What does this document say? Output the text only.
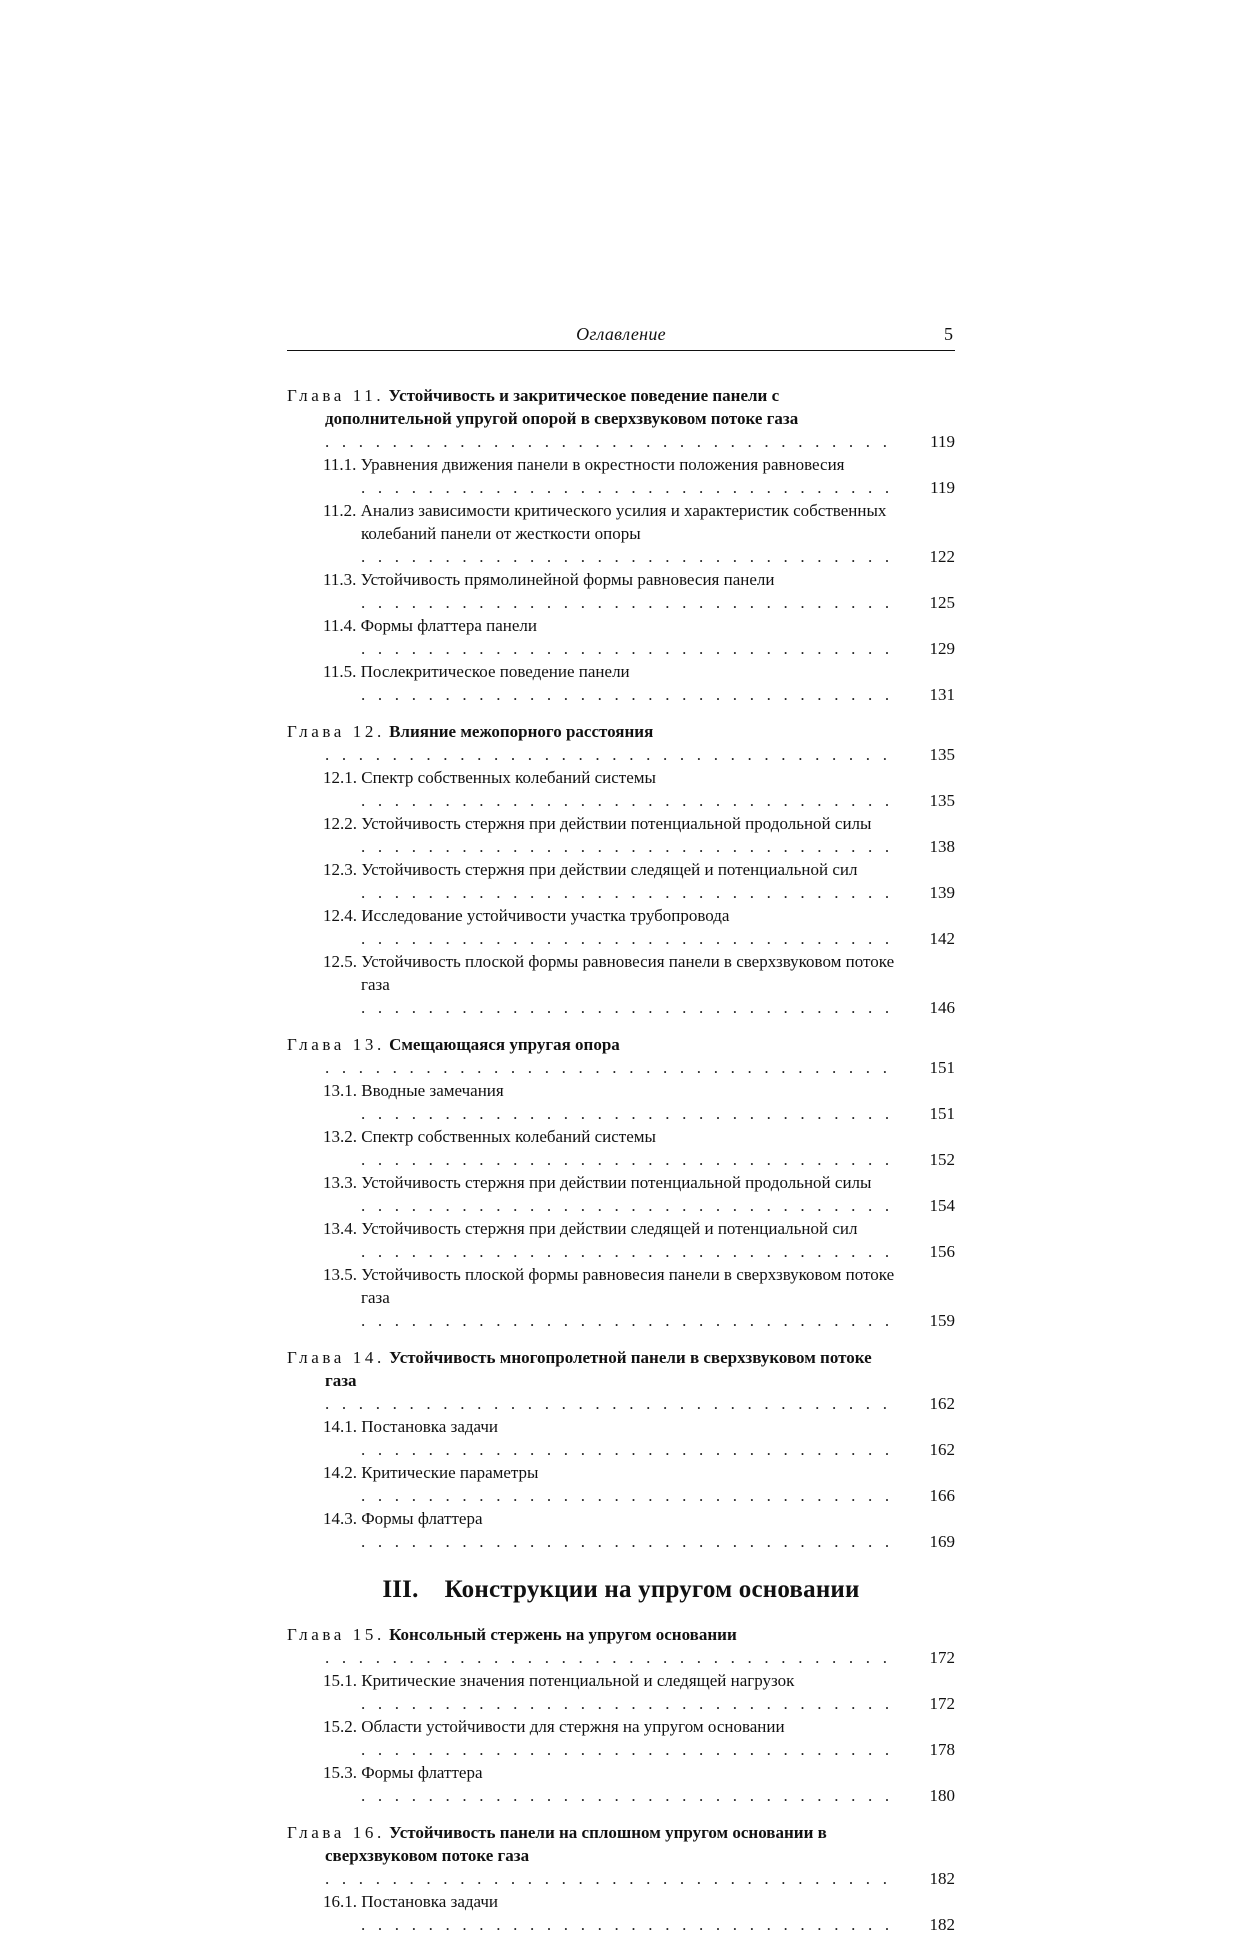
Оглавление	5
Глава 11. Устойчивость и закритическое поведение панели с дополнительной упругой опорой в сверхзвуковом потоке газа . . . . . . . . . . . . . . . . . . . . . . . . . . . . . . . . . .	119
11.1. Уравнения движения панели в окрестности положения равновесия . . . . . . . . . . . . . . . . . . . . . . . . . . . . . . . .	119
11.2. Анализ зависимости критического усилия и характеристик собственных колебаний панели от жесткости опоры . . . . . . . . . . . . . . . . . . . . . . . . . . . . . . . .	122
11.3. Устойчивость прямолинейной формы равновесия панели . . . . . . . . . . . . . . . . . . . . . . . . . . . . . . . .	125
11.4. Формы флаттера панели . . . . . . . . . . . . . . . . . . . . . . . . . . . . . . . .	129
11.5. Послекритическое поведение панели . . . . . . . . . . . . . . . . . . . . . . . . . . . . . . . .	131
Глава 12. Влияние межопорного расстояния . . . . . . . . . . . . . . . . . . . . . . . . . . . . . . . . . .	135
12.1. Спектр собственных колебаний системы . . . . . . . . . . . . . . . . . . . . . . . . . . . . . . . .	135
12.2. Устойчивость стержня при действии потенциальной продольной силы . . . . . . . . . . . . . . . . . . . . . . . . . . . . . . . .	138
12.3. Устойчивость стержня при действии следящей и потенциальной сил . . . . . . . . . . . . . . . . . . . . . . . . . . . . . . . .	139
12.4. Исследование устойчивости участка трубопровода . . . . . . . . . . . . . . . . . . . . . . . . . . . . . . . .	142
12.5. Устойчивость плоской формы равновесия панели в сверхзвуковом потоке газа . . . . . . . . . . . . . . . . . . . . . . . . . . . . . . . .	146
Глава 13. Смещающаяся упругая опора . . . . . . . . . . . . . . . . . . . . . . . . . . . . . . . . . .	151
13.1. Вводные замечания . . . . . . . . . . . . . . . . . . . . . . . . . . . . . . . .	151
13.2. Спектр собственных колебаний системы . . . . . . . . . . . . . . . . . . . . . . . . . . . . . . . .	152
13.3. Устойчивость стержня при действии потенциальной продольной силы . . . . . . . . . . . . . . . . . . . . . . . . . . . . . . . .	154
13.4. Устойчивость стержня при действии следящей и потенциальной сил . . . . . . . . . . . . . . . . . . . . . . . . . . . . . . . .	156
13.5. Устойчивость плоской формы равновесия панели в сверхзвуковом потоке газа . . . . . . . . . . . . . . . . . . . . . . . . . . . . . . . .	159
Глава 14. Устойчивость многопролетной панели в сверхзвуковом потоке газа . . . . . . . . . . . . . . . . . . . . . . . . . . . . . . . . . .	162
14.1. Постановка задачи . . . . . . . . . . . . . . . . . . . . . . . . . . . . . . . .	162
14.2. Критические параметры . . . . . . . . . . . . . . . . . . . . . . . . . . . . . . . .	166
14.3. Формы флаттера . . . . . . . . . . . . . . . . . . . . . . . . . . . . . . . .	169
III. Конструкции на упругом основании
Глава 15. Консольный стержень на упругом основании . . . . . . . . . . . . . . . . . . . . . . . . . . . . . . . . . .	172
15.1. Критические значения потенциальной и следящей нагрузок . . . . . . . . . . . . . . . . . . . . . . . . . . . . . . . .	172
15.2. Области устойчивости для стержня на упругом основании . . . . . . . . . . . . . . . . . . . . . . . . . . . . . . . .	178
15.3. Формы флаттера . . . . . . . . . . . . . . . . . . . . . . . . . . . . . . . .	180
Глава 16. Устойчивость панели на сплошном упругом основании в сверхзвуковом потоке газа . . . . . . . . . . . . . . . . . . . . . . . . . . . . . . . . . .	182
16.1. Постановка задачи . . . . . . . . . . . . . . . . . . . . . . . . . . . . . . . .	182
